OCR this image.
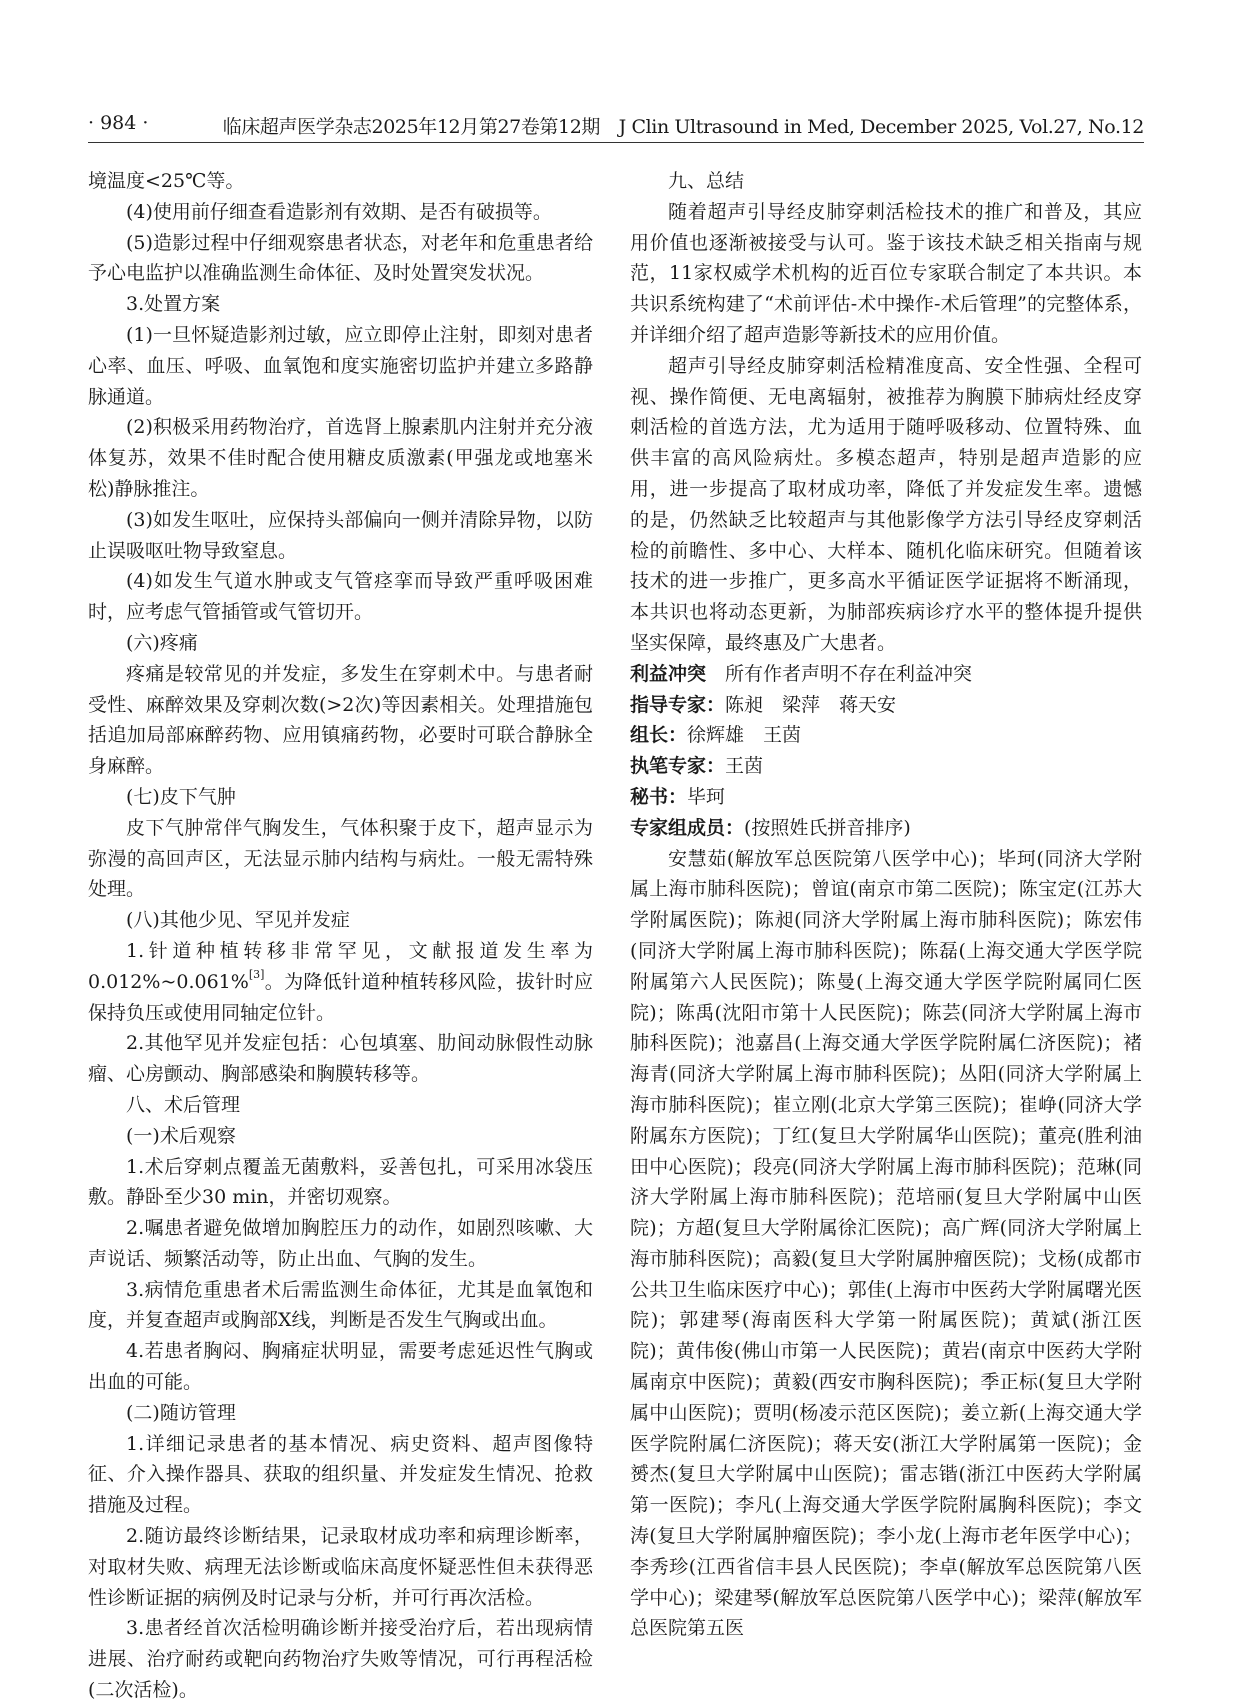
· 984 ·	临床超声医学杂志2025年12月第27卷第12期　J Clin Ultrasound in Med, December 2025, Vol.27, No.12

境温度<25℃等。

(4)使用前仔细查看造影剂有效期、是否有破损等。

(5)造影过程中仔细观察患者状态，对老年和危重患者给予心电监护以准确监测生命体征、及时处置突发状况。

3.处置方案

(1)一旦怀疑造影剂过敏，应立即停止注射，即刻对患者心率、血压、呼吸、血氧饱和度实施密切监护并建立多路静脉通道。

(2)积极采用药物治疗，首选肾上腺素肌内注射并充分液体复苏，效果不佳时配合使用糖皮质激素(甲强龙或地塞米松)静脉推注。

(3)如发生呕吐，应保持头部偏向一侧并清除异物，以防止误吸呕吐物导致窒息。

(4)如发生气道水肿或支气管痉挛而导致严重呼吸困难时，应考虑气管插管或气管切开。

(六)疼痛

疼痛是较常见的并发症，多发生在穿刺术中。与患者耐受性、麻醉效果及穿刺次数(>2次)等因素相关。处理措施包括追加局部麻醉药物、应用镇痛药物，必要时可联合静脉全身麻醉。

(七)皮下气肿

皮下气肿常伴气胸发生，气体积聚于皮下，超声显示为弥漫的高回声区，无法显示肺内结构与病灶。一般无需特殊处理。

(八)其他少见、罕见并发症

1.针道种植转移非常罕见，文献报道发生率为0.012%~0.061%[3]。为降低针道种植转移风险，拔针时应保持负压或使用同轴定位针。

2.其他罕见并发症包括：心包填塞、肋间动脉假性动脉瘤、心房颤动、胸部感染和胸膜转移等。

八、术后管理

(一)术后观察

1.术后穿刺点覆盖无菌敷料，妥善包扎，可采用冰袋压敷。静卧至少30 min，并密切观察。

2.嘱患者避免做增加胸腔压力的动作，如剧烈咳嗽、大声说话、频繁活动等，防止出血、气胸的发生。

3.病情危重患者术后需监测生命体征，尤其是血氧饱和度，并复查超声或胸部X线，判断是否发生气胸或出血。

4.若患者胸闷、胸痛症状明显，需要考虑延迟性气胸或出血的可能。

(二)随访管理

1.详细记录患者的基本情况、病史资料、超声图像特征、介入操作器具、获取的组织量、并发症发生情况、抢救措施及过程。

2.随访最终诊断结果，记录取材成功率和病理诊断率，对取材失败、病理无法诊断或临床高度怀疑恶性但未获得恶性诊断证据的病例及时记录与分析，并可行再次活检。

3.患者经首次活检明确诊断并接受治疗后，若出现病情进展、治疗耐药或靶向药物治疗失败等情况，可行再程活检(二次活检)。

九、总结

随着超声引导经皮肺穿刺活检技术的推广和普及，其应用价值也逐渐被接受与认可。鉴于该技术缺乏相关指南与规范，11家权威学术机构的近百位专家联合制定了本共识。本共识系统构建了“术前评估-术中操作-术后管理”的完整体系，并详细介绍了超声造影等新技术的应用价值。

超声引导经皮肺穿刺活检精准度高、安全性强、全程可视、操作简便、无电离辐射，被推荐为胸膜下肺病灶经皮穿刺活检的首选方法，尤为适用于随呼吸移动、位置特殊、血供丰富的高风险病灶。多模态超声，特别是超声造影的应用，进一步提高了取材成功率，降低了并发症发生率。遗憾的是，仍然缺乏比较超声与其他影像学方法引导经皮穿刺活检的前瞻性、多中心、大样本、随机化临床研究。但随着该技术的进一步推广，更多高水平循证医学证据将不断涌现，本共识也将动态更新，为肺部疾病诊疗水平的整体提升提供坚实保障，最终惠及广大患者。

利益冲突　所有作者声明不存在利益冲突

指导专家：陈昶　梁萍　蒋天安

组长：徐辉雄　王茵

执笔专家：王茵

秘书：毕珂

专家组成员：(按照姓氏拼音排序)

安慧茹(解放军总医院第八医学中心)；毕珂(同济大学附属上海市肺科医院)；曾谊(南京市第二医院)；陈宝定(江苏大学附属医院)；陈昶(同济大学附属上海市肺科医院)；陈宏伟(同济大学附属上海市肺科医院)；陈磊(上海交通大学医学院附属第六人民医院)；陈曼(上海交通大学医学院附属同仁医院)；陈禹(沈阳市第十人民医院)；陈芸(同济大学附属上海市肺科医院)；池嘉昌(上海交通大学医学院附属仁济医院)；褚海青(同济大学附属上海市肺科医院)；丛阳(同济大学附属上海市肺科医院)；崔立刚(北京大学第三医院)；崔峥(同济大学附属东方医院)；丁红(复旦大学附属华山医院)；董亮(胜利油田中心医院)；段亮(同济大学附属上海市肺科医院)；范琳(同济大学附属上海市肺科医院)；范培丽(复旦大学附属中山医院)；方超(复旦大学附属徐汇医院)；高广辉(同济大学附属上海市肺科医院)；高毅(复旦大学附属肿瘤医院)；戈杨(成都市公共卫生临床医疗中心)；郭佳(上海市中医药大学附属曙光医院)；郭建琴(海南医科大学第一附属医院)；黄斌(浙江医院)；黄伟俊(佛山市第一人民医院)；黄岩(南京中医药大学附属南京中医院)；黄毅(西安市胸科医院)；季正标(复旦大学附属中山医院)；贾明(杨凌示范区医院)；姜立新(上海交通大学医学院附属仁济医院)；蒋天安(浙江大学附属第一医院)；金赟杰(复旦大学附属中山医院)；雷志锴(浙江中医药大学附属第一医院)；李凡(上海交通大学医学院附属胸科医院)；李文涛(复旦大学附属肿瘤医院)；李小龙(上海市老年医学中心)；李秀珍(江西省信丰县人民医院)；李卓(解放军总医院第八医学中心)；梁建琴(解放军总医院第八医学中心)；梁萍(解放军总医院第五医
